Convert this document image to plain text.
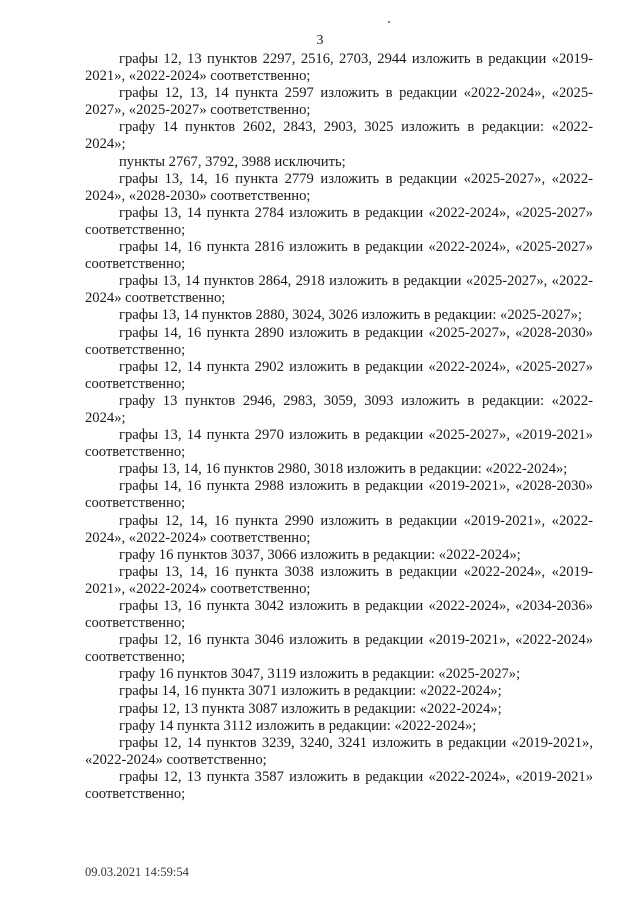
3

графы 12, 13 пунктов 2297, 2516, 2703, 2944 изложить в редакции «2019-2021», «2022-2024» соответственно;

графы 12, 13, 14 пункта 2597 изложить в редакции «2022-2024», «2025-2027», «2025-2027» соответственно;

графу 14 пунктов 2602, 2843, 2903, 3025 изложить в редакции: «2022-2024»;

пункты 2767, 3792, 3988 исключить;

графы 13, 14, 16 пункта 2779 изложить в редакции «2025-2027», «2022-2024», «2028-2030» соответственно;

графы 13, 14 пункта 2784 изложить в редакции «2022-2024», «2025-2027» соответственно;

графы 14, 16 пункта 2816 изложить в редакции «2022-2024», «2025-2027» соответственно;

графы 13, 14 пунктов 2864, 2918 изложить в редакции «2025-2027», «2022-2024» соответственно;

графы 13, 14 пунктов 2880, 3024, 3026 изложить в редакции: «2025-2027»;

графы 14, 16 пункта 2890 изложить в редакции «2025-2027», «2028-2030» соответственно;

графы 12, 14 пункта 2902 изложить в редакции «2022-2024», «2025-2027» соответственно;

графу 13 пунктов 2946, 2983, 3059, 3093 изложить в редакции: «2022-2024»;

графы 13, 14 пункта 2970 изложить в редакции «2025-2027», «2019-2021» соответственно;

графы 13, 14, 16 пунктов 2980, 3018 изложить в редакции: «2022-2024»;

графы 14, 16 пункта 2988 изложить в редакции «2019-2021», «2028-2030» соответственно;

графы 12, 14, 16 пункта 2990 изложить в редакции «2019-2021», «2022-2024», «2022-2024» соответственно;

графу 16 пунктов 3037, 3066 изложить в редакции: «2022-2024»;

графы 13, 14, 16 пункта 3038 изложить в редакции «2022-2024», «2019-2021», «2022-2024» соответственно;

графы 13, 16 пункта 3042 изложить в редакции «2022-2024», «2034-2036» соответственно;

графы 12, 16 пункта 3046 изложить в редакции «2019-2021», «2022-2024» соответственно;

графу 16 пунктов 3047, 3119 изложить в редакции: «2025-2027»;

графы 14, 16 пункта 3071 изложить в редакции: «2022-2024»;

графы 12, 13 пункта 3087 изложить в редакции: «2022-2024»;

графу 14 пункта 3112 изложить в редакции: «2022-2024»;

графы 12, 14 пунктов 3239, 3240, 3241 изложить в редакции «2019-2021», «2022-2024» соответственно;

графы 12, 13 пункта 3587 изложить в редакции «2022-2024», «2019-2021» соответственно;

09.03.2021 14:59:54
